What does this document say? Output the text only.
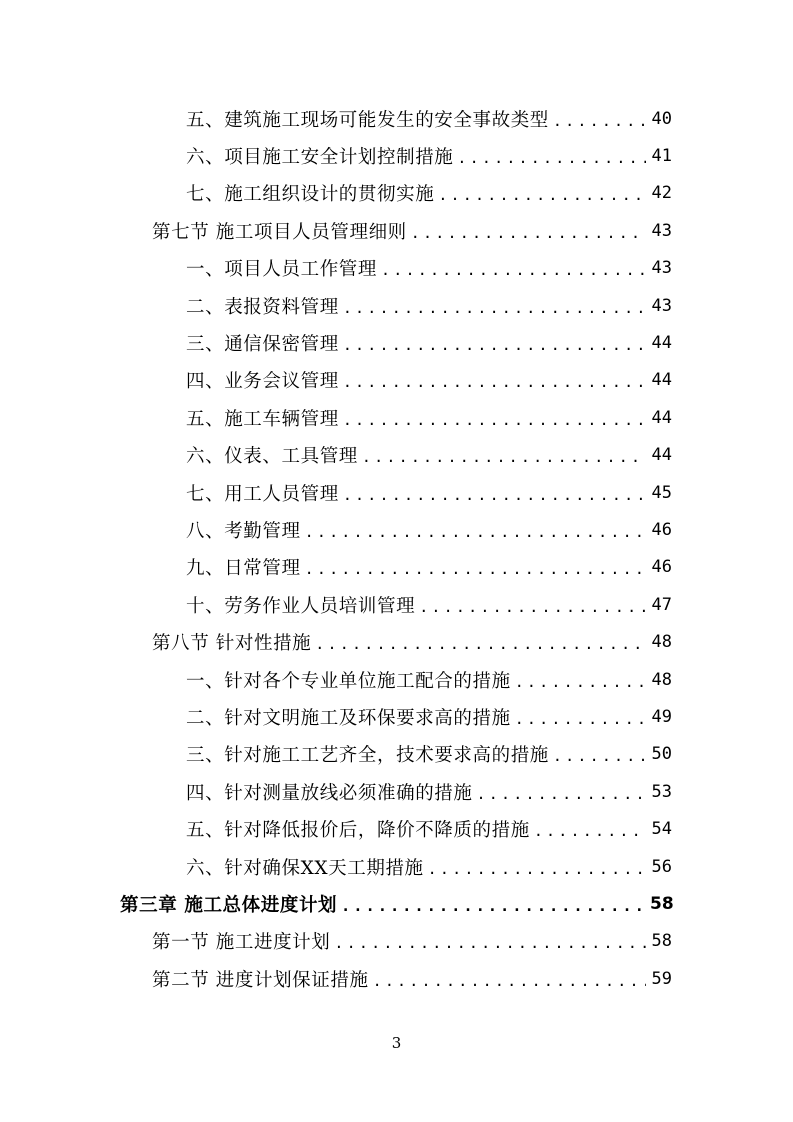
五、建筑施工现场可能发生的安全事故类型 .....	40
六、项目施工安全计划控制措施 .....	41
七、施工组织设计的贯彻实施 .....	42
第七节 施工项目人员管理细则 .....	43
一、项目人员工作管理 .....	43
二、表报资料管理 .....	43
三、通信保密管理 .....	44
四、业务会议管理 .....	44
五、施工车辆管理 .....	44
六、仪表、工具管理 .....	44
七、用工人员管理 .....	45
八、考勤管理 .....	46
九、日常管理 .....	46
十、劳务作业人员培训管理 .....	47
第八节 针对性措施 .....	48
一、针对各个专业单位施工配合的措施 .....	48
二、针对文明施工及环保要求高的措施 .....	49
三、针对施工工艺齐全，技术要求高的措施 .....	50
四、针对测量放线必须准确的措施 .....	53
五、针对降低报价后，降价不降质的措施 .....	54
六、针对确保XX天工期措施 .....	56
第三章 施工总体进度计划 .....	58
第一节 施工进度计划 .....	58
第二节 进度计划保证措施 .....	59
3
